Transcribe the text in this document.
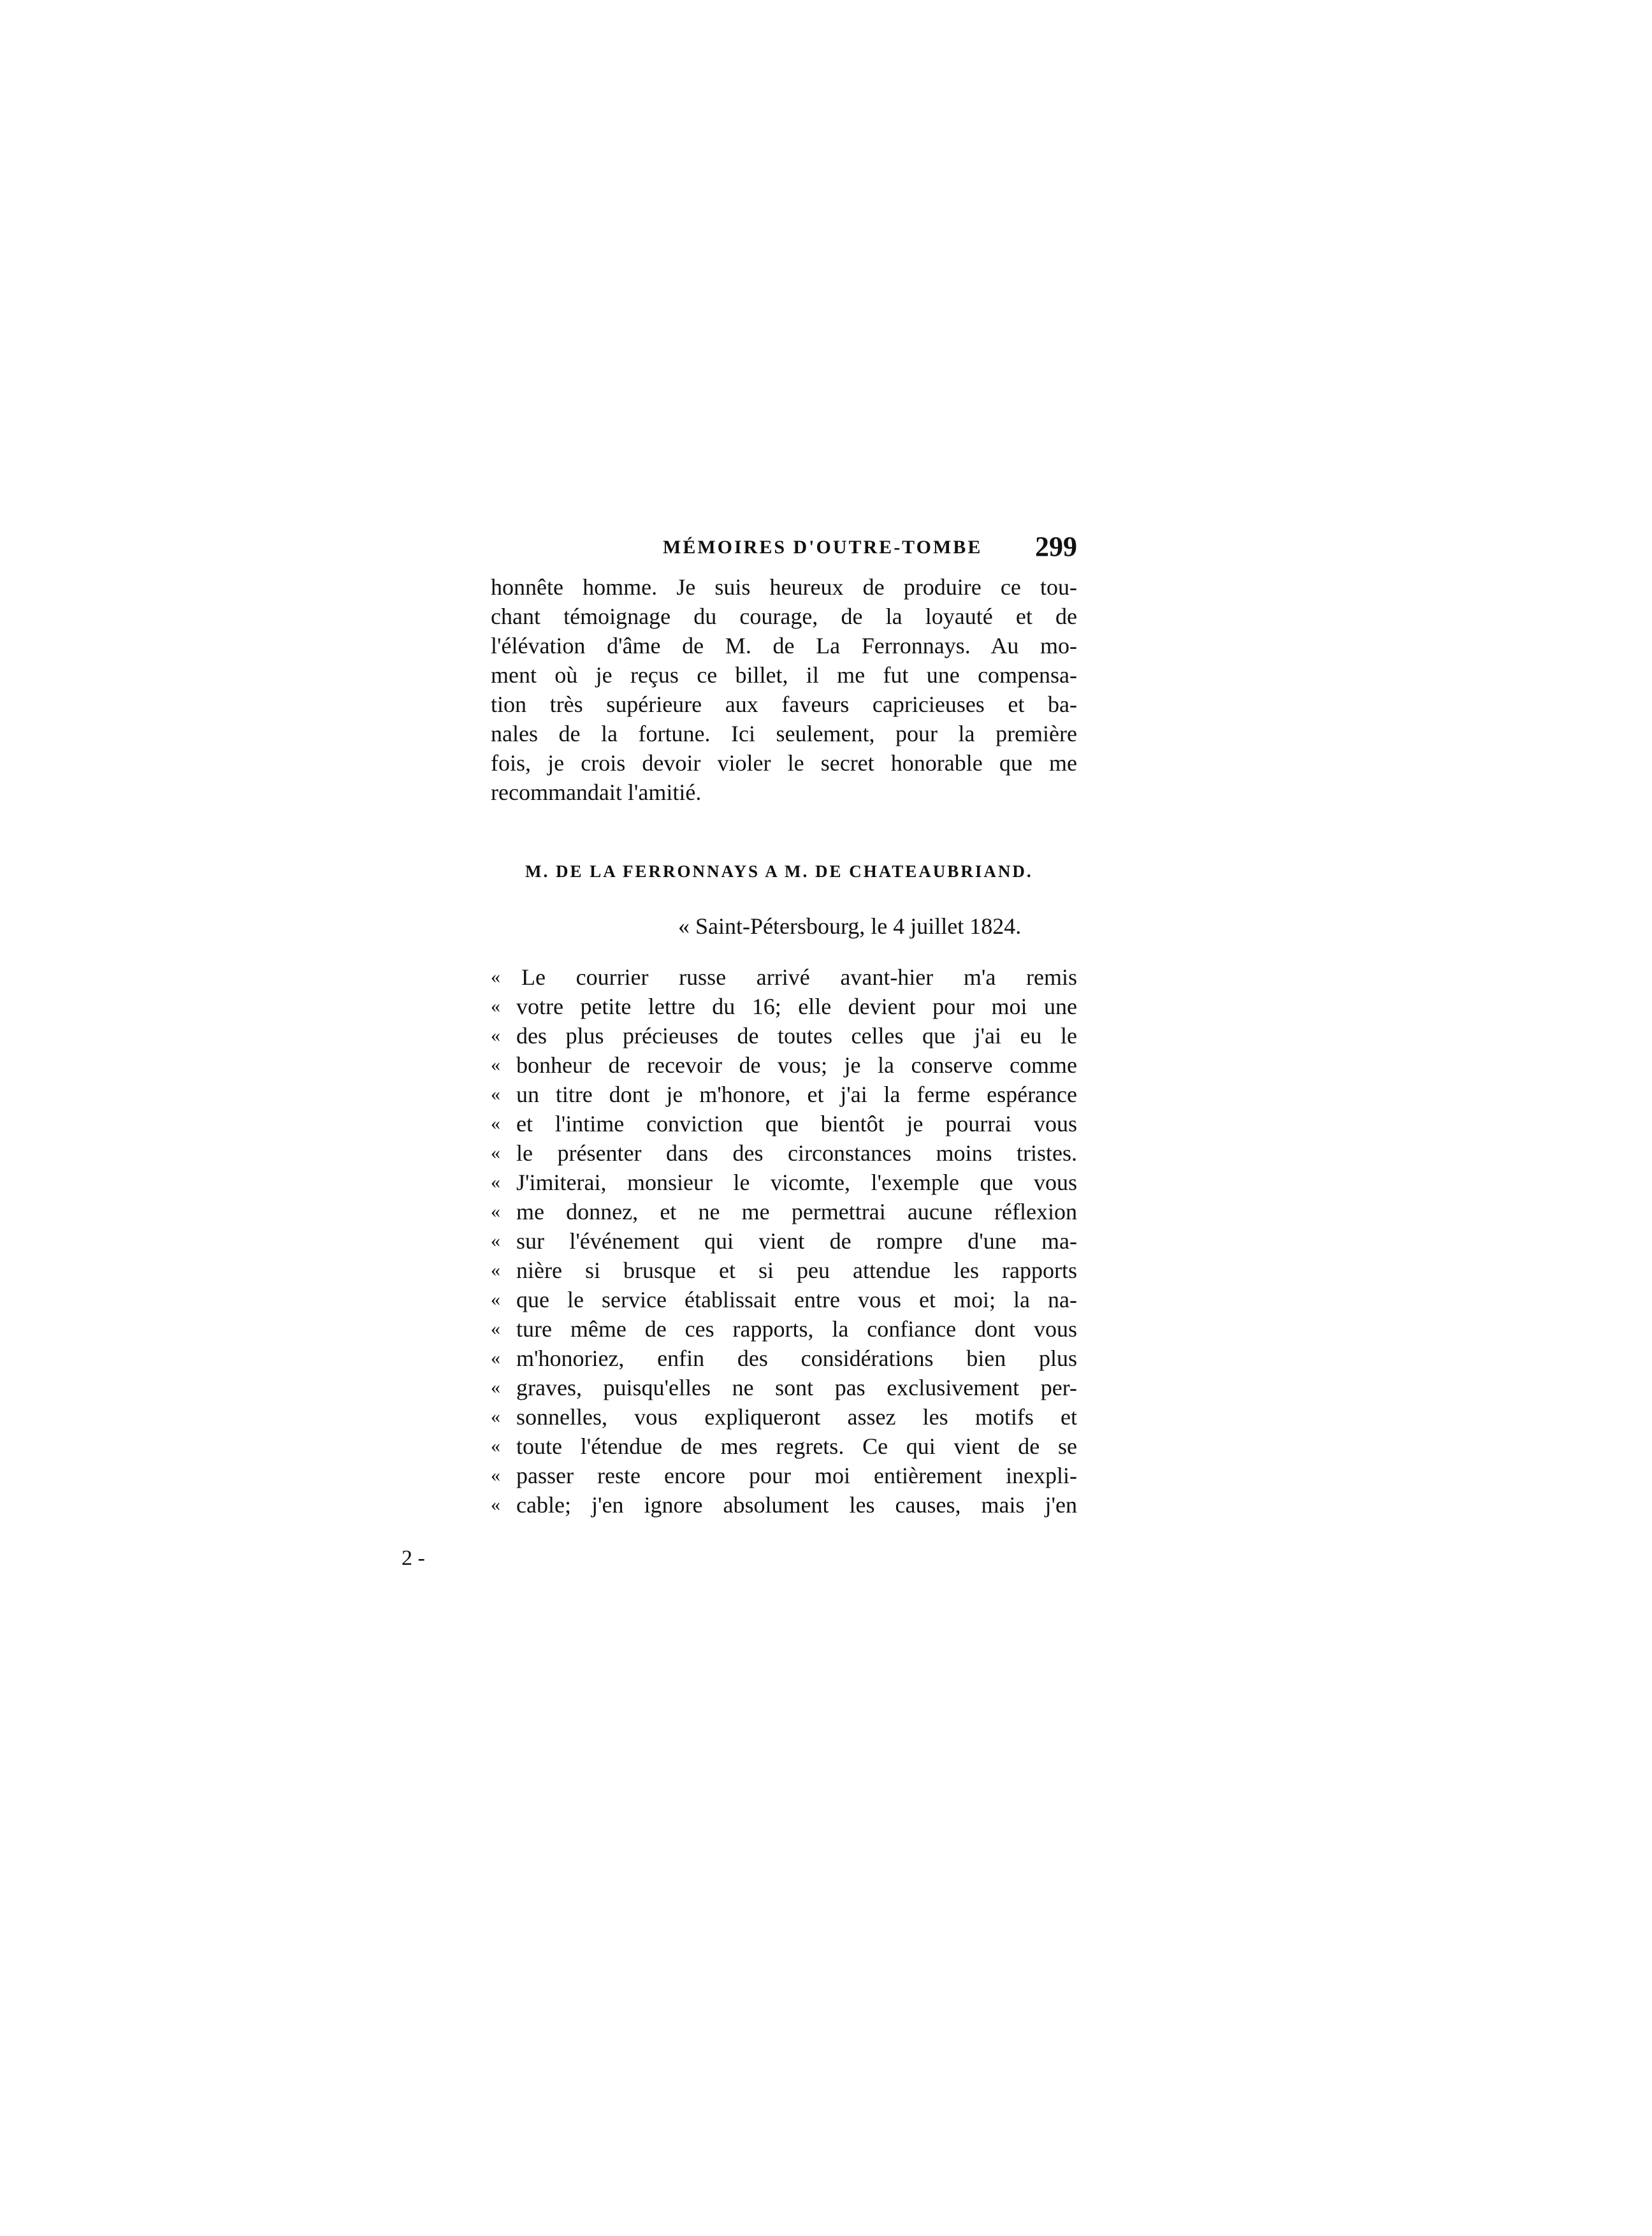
MÉMOIRES D'OUTRE-TOMBE 299
honnête homme. Je suis heureux de produire ce tou-
chant témoignage du courage, de la loyauté et de
l'élévation d'âme de M. de La Ferronnays. Au mo-
ment où je reçus ce billet, il me fut une compensa-
tion très supérieure aux faveurs capricieuses et ba-
nales de la fortune. Ici seulement, pour la première
fois, je crois devoir violer le secret honorable que me
recommandait l'amitié.
M. DE LA FERRONNAYS A M. DE CHATEAUBRIAND.
« Saint-Pétersbourg, le 4 juillet 1824.
« Le courrier russe arrivé avant-hier m'a remis
« votre petite lettre du 16; elle devient pour moi une
« des plus précieuses de toutes celles que j'ai eu le
« bonheur de recevoir de vous; je la conserve comme
« un titre dont je m'honore, et j'ai la ferme espérance
« et l'intime conviction que bientôt je pourrai vous
« le présenter dans des circonstances moins tristes.
« J'imiterai, monsieur le vicomte, l'exemple que vous
« me donnez, et ne me permettrai aucune réflexion
« sur l'événement qui vient de rompre d'une ma-
« nière si brusque et si peu attendue les rapports
« que le service établissait entre vous et moi; la na-
« ture même de ces rapports, la confiance dont vous
« m'honoriez, enfin des considérations bien plus
« graves, puisqu'elles ne sont pas exclusivement per-
« sonnelles, vous expliqueront assez les motifs et
« toute l'étendue de mes regrets. Ce qui vient de se
« passer reste encore pour moi entièrement inexpli-
« cable; j'en ignore absolument les causes, mais j'en
2 -
